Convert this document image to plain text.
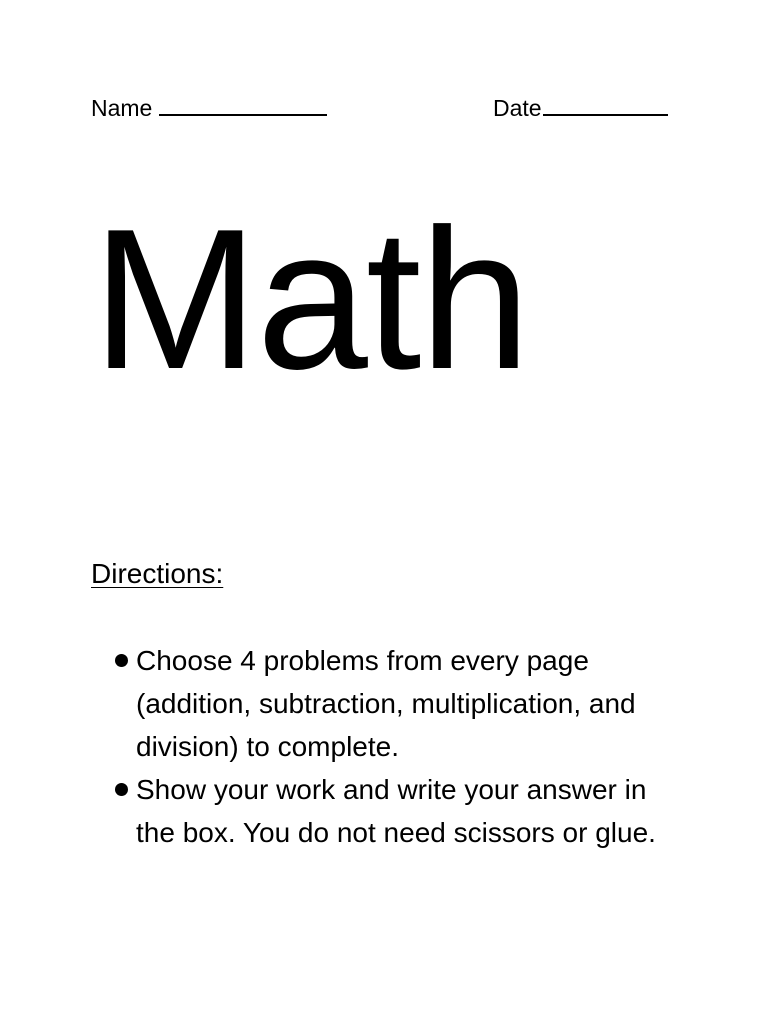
Name	Date
Math
Directions:
Choose 4 problems from every page (addition, subtraction, multiplication, and division) to complete.
Show your work and write your answer in the box. You do not need scissors or glue.
